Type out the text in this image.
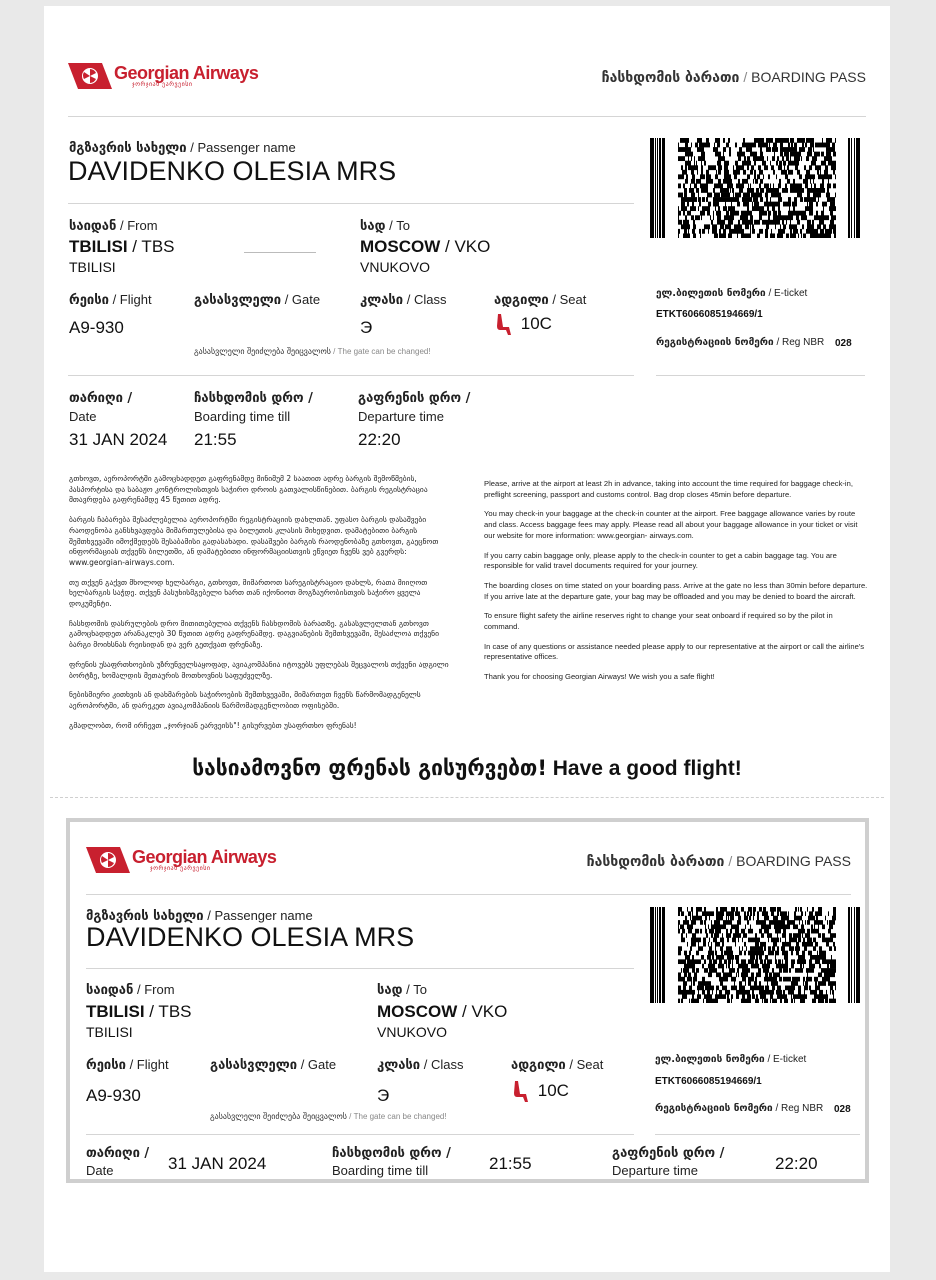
Georgian Airways
ჯორჯიან ეარვეისი	ჩასხდომის ბარათი / BOARDING PASS
მგზავრის სახელი / Passenger name
DAVIDENKO OLESIA MRS
საიდან / From
TBILISI / TBS
TBILISI
სად / To
MOSCOW / VKO
VNUKOVO
რეისი / Flight
A9-930
გასასვლელი / Gate
გასასვლელი შეიძლება შეიცვალოს / The gate can be changed!
კლასი / Class
Э
ადგილი / Seat
10C
ელ.ბილეთის ნომერი / E-ticket
ETKT6066085194669/1
რეგისტრაციის ნომერი / Reg NBR 028
თარიღი /
Date
31 JAN 2024
ჩასხდომის დრო /
Boarding time till
21:55
გაფრენის დრო /
Departure time
22:20

გთხოვთ, აეროპორტში გამოცხადდეთ გაფრენამდე მინიმუმ 2 საათით ადრე ბარგის შემოწმების, პასპორტისა და საბაჟო კონტროლისთვის საჭირო დროის გათვალისწინებით. ბარგის რეგისტრაცია მთავრდება გაფრენამდე 45 წუთით ადრე.

ბარგის ჩაბარება შესაძლებელია აეროპორტში რეგისტრაციის დახლთან. უფასო ბარგის დასაშვები რაოდენობა განსხვავდება მიმართულებისა და ბილეთის კლასის მიხედვით. დამატებითი ბარგის შემთხვევაში იმოქმედებს შესაბამისი გადასახადი. დასაშვები ბარგის რაოდენობაზე გთხოვთ, გაეცნოთ ინფორმაციას თქვენს ბილეთში, ან დამატებითი ინფორმაციისთვის ეწვიეთ ჩვენს ვებ გვერდს: www.georgian-airways.com.

თუ თქვენ გაქვთ მხოლოდ ხელბარგი, გთხოვთ, მიმართოთ სარეგისტრაციო დახლს, რათა მიიღოთ ხელბარგის საჭდე. თქვენ პასუხისმგებელი ხართ თან იქონიოთ მოგზაურობისთვის საჭირო ყველა დოკუმენტი.

ჩასხდომის დასრულების დრო მითითებულია თქვენს ჩასხდომის ბარათზე. გასასვლელთან გთხოვთ გამოცხადდეთ არანაკლებ 30 წუთით ადრე გაფრენამდე. დაგვიანების შემთხვევაში, შესაძლოა თქვენი ბარგი მოიხსნას რეისიდან და ვერ გეთქვათ ფრენაზე.

ფრენის უსაფრთხოების უზრუნველსაყოფად, ავიაკომპანია იტოვებს უფლებას შეცვალოს თქვენი ადგილი ბორტზე, ხომალდის მეთაურის მოთხოვნის საფუძველზე.

ნებისმიერი კითხვის ან დახმარების საჭიროების შემთხვევაში, მიმართეთ ჩვენს წარმომადგენელს აეროპორტში, ან დარეკეთ ავიაკომპანიის წარმომადგენლობით ოფისებში.

გმადლობთ, რომ ირჩევთ „ჯორჯიან ეარვეისს"! გისურვებთ უსაფრთხო ფრენას!

Please, arrive at the airport at least 2h in advance, taking into account the time required for baggage check-in, preflight screening, passport and customs control. Bag drop closes 45min before departure.

You may check-in your baggage at the check-in counter at the airport. Free baggage allowance varies by route and class. Access baggage fees may apply. Please read all about your baggage allowance in your ticket or visit our website for more information: www.georgian- airways.com.

If you carry cabin baggage only, please apply to the check-in counter to get a cabin baggage tag. You are responsible for valid travel documents required for your journey.

The boarding closes on time stated on your boarding pass. Arrive at the gate no less than 30min before departure. If you arrive late at the departure gate, your bag may be offloaded and you may be denied to board the aircraft.

To ensure flight safety the airline reserves right to change your seat onboard if required so by the pilot in command.

In case of any questions or assistance needed please apply to our representative at the airport or call the airline's representative offices.

Thank you for choosing Georgian Airways! We wish you a safe flight!

სასიამოვნო ფრენას გისურვებთ! Have a good flight!
Georgian Airways
ჯორჯიან ეარვეისი	ჩასხდომის ბარათი / BOARDING PASS
მგზავრის სახელი / Passenger name
DAVIDENKO OLESIA MRS
საიდან / From
TBILISI / TBS
TBILISI
სად / To
MOSCOW / VKO
VNUKOVO
რეისი / Flight
A9-930
გასასვლელი / Gate
გასასვლელი შეიძლება შეიცვალოს / The gate can be changed!
კლასი / Class
Э
ადგილი / Seat
10C
ელ.ბილეთის ნომერი / E-ticket
ETKT6066085194669/1
რეგისტრაციის ნომერი / Reg NBR 028
თარიღი /
Date	31 JAN 2024
ჩასხდომის დრო /
Boarding time till	21:55
გაფრენის დრო /
Departure time	22:20
